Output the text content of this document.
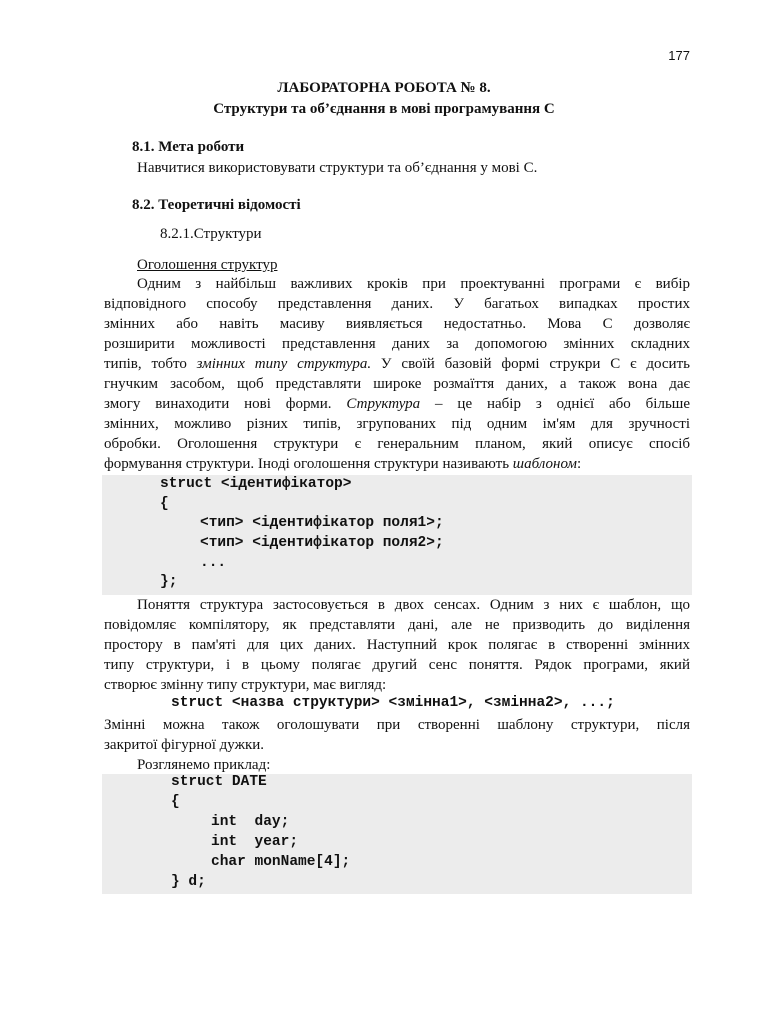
177
ЛАБОРАТОРНА РОБОТА № 8.
Структури та об’єднання в мові програмування С
8.1. Мета роботи
Навчитися використовувати структури та об’єднання у мові С.
8.2. Теоретичні відомості
8.2.1.Структури
Оголошення структур
Одним з найбільш важливих кроків при проектуванні програми є вибір
відповідного способу представлення даних. У багатьох випадках простих
змінних або навіть масиву виявляється недостатньо. Мова С дозволяє
розширити можливості представлення даних за допомогою змінних складних
типів, тобто змінних типу структура. У своїй базовій формі струкри С є досить
гнучким засобом, щоб представляти широке розмаїття даних, а також вона дає
змогу винаходити нові форми. Структура – це набір з однієї або більше
змінних, можливо різних типів, згрупованих під одним ім'ям для зручності
обробки. Оголошення структури є генеральним планом, який описує спосіб
формування структури. Іноді оголошення структури називають шаблоном:
struct <ідентифікатор>
{
<тип> <ідентифікатор поля1>;
<тип> <ідентифікатор поля2>;
...
};
Поняття структура застосовується в двох сенсах. Одним з них є шаблон, що
повідомляє компілятору, як представляти дані, але не призводить до виділення
простору в пам'яті для цих даних. Наступний крок полягає в створенні змінних
типу структури, і в цьому полягає другий сенс поняття. Рядок програми, який
створює змінну типу структури, має вигляд:
struct <назва структури> <змінна1>, <змінна2>, ...;
Змінні можна також оголошувати при створенні шаблону структури, після
закритої фігурної дужки.
Розглянемо приклад:
struct DATE
{
int  day;
int  year;
char monName[4];
} d;
